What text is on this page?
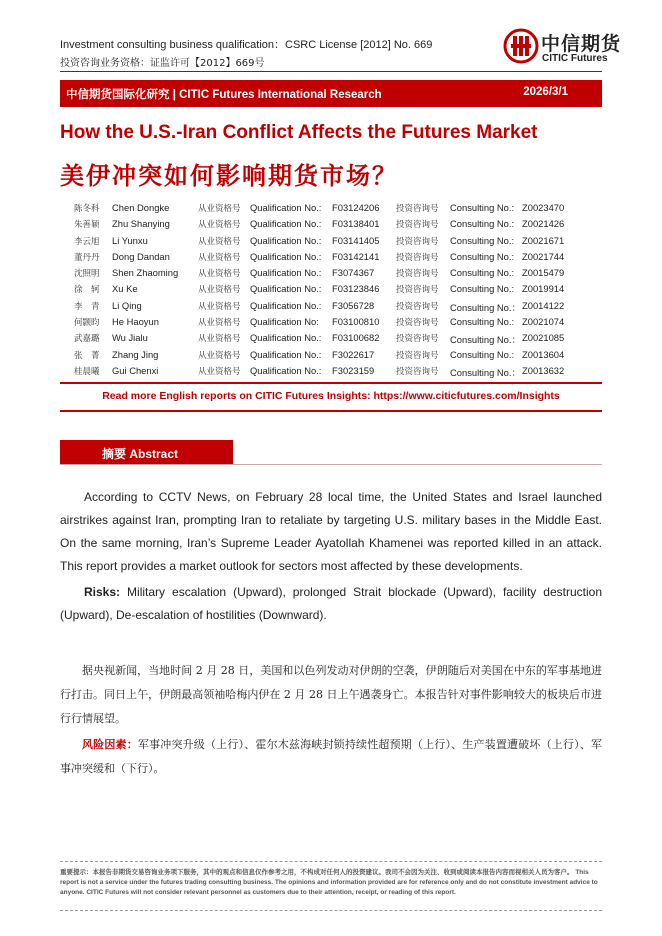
Investment consulting business qualification：CSRC License [2012] No. 669
投资咨询业务资格：证监许可【2012】669号
中信期货
CITIC Futures
中信期货国际化研究 | CITIC Futures International Research	2026/3/1
How the U.S.-Iran Conflict Affects the Futures Market
美伊冲突如何影响期货市场？
陈冬科 Chen Dongke	从业资格号 Qualification No.: F03124206 投资咨询号 Consulting No.: Z0023470
朱善颖 Zhu Shanying	从业资格号 Qualification No.: F03138401 投资咨询号 Consulting No.: Z0021426
李云旭 Li Yunxu	从业资格号 Qualification No.: F03141405 投资咨询号 Consulting No.: Z0021671
董丹丹 Dong Dandan	从业资格号 Qualification No.: F03142141 投资咨询号 Consulting No.: Z0021744
沈照明 Shen Zhaoming 从业资格号 Qualification No.: F3074367	投资咨询号 Consulting No.: Z0015479
徐　轲 Xu Ke	从业资格号 Qualification No.: F03123846 投资咨询号 Consulting No.: Z0019914
李　青 Li Qing	从业资格号 Qualification No.: F3056728	投资咨询号 Consulting No.： Z0014122
何颢昀 He Haoyun	从业资格号 Qualification No: F03100810 投资咨询号 Consulting No.: Z0021074
武嘉璐 Wu Jialu	从业资格号 Qualification No.: F03100682 投资咨询号 Consulting No.： Z0021085
张　菁 Zhang Jing	从业资格号 Qualification No.: F3022617	投资咨询号 Consulting No.: Z0013604
桂晨曦 Gui Chenxi	从业资格号 Qualification No.: F3023159	投资咨询号 Consulting No.： Z0013632
Read more English reports on CITIC Futures Insights: https://www.citicfutures.com/Insights
摘要 Abstract
According to CCTV News, on February 28 local time, the United States and Israel launched airstrikes against Iran, prompting Iran to retaliate by targeting U.S. military bases in the Middle East. On the same morning, Iran’s Supreme Leader Ayatollah Khamenei was reported killed in an attack. This report provides a market outlook for sectors most affected by these developments.
Risks: Military escalation (Upward), prolonged Strait blockade (Upward), facility destruction (Upward), De-escalation of hostilities (Downward).
据央视新闻，当地时间 2 月 28 日，美国和以色列发动对伊朗的空袭，伊朗随后对美国在中东的军事基地进行打击。同日上午，伊朗最高领袖哈梅内伊在 2 月 28 日上午遇袭身亡。本报告针对事件影响较大的板块后市进行行情展望。
风险因素：军事冲突升级（上行）、霍尔木兹海峡封锁持续性超预期（上行）、生产装置遭破坏（上行）、军事冲突缓和（下行）。
重要提示：本报告非期货交易咨询业务项下服务，其中的观点和信息仅作参考之用，不构成对任何人的投资建议。我司不会因为关注、收到或阅读本报告内容而视相关人员为客户。 This report is not a service under the futures trading consulting business. The opinions and information provided are for reference only and do not constitute investment advice to anyone. CITIC Futures will not consider relevant personnel as customers due to their attention, receipt, or reading of this report.
